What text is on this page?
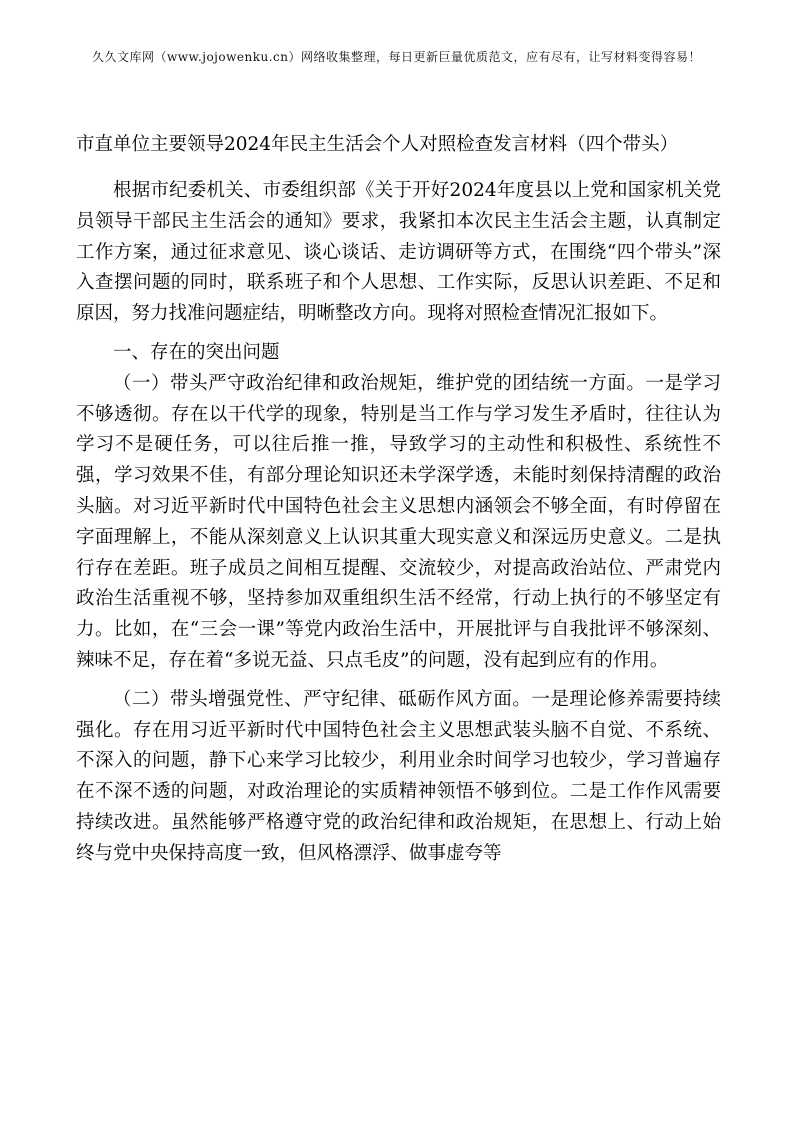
久久文库网（www.jojowenku.cn）网络收集整理，每日更新巨量优质范文，应有尽有，让写材料变得容易！
市直单位主要领导2024年民主生活会个人对照检查发言材料（四个带头）

根据市纪委机关、市委组织部《关于开好2024年度县以上党和国家机关党员领导干部民主生活会的通知》要求，我紧扣本次民主生活会主题，认真制定工作方案，通过征求意见、谈心谈话、走访调研等方式，在围绕“四个带头”深入查摆问题的同时，联系班子和个人思想、工作实际，反思认识差距、不足和原因，努力找准问题症结，明晰整改方向。现将对照检查情况汇报如下。

一、存在的突出问题

（一）带头严守政治纪律和政治规矩，维护党的团结统一方面。一是学习不够透彻。存在以干代学的现象，特别是当工作与学习发生矛盾时，往往认为学习不是硬任务，可以往后推一推，导致学习的主动性和积极性、系统性不强，学习效果不佳，有部分理论知识还未学深学透，未能时刻保持清醒的政治头脑。对习近平新时代中国特色社会主义思想内涵领会不够全面，有时停留在字面理解上，不能从深刻意义上认识其重大现实意义和深远历史意义。二是执行存在差距。班子成员之间相互提醒、交流较少，对提高政治站位、严肃党内政治生活重视不够，坚持参加双重组织生活不经常，行动上执行的不够坚定有力。比如，在“三会一课”等党内政治生活中，开展批评与自我批评不够深刻、辣味不足，存在着“多说无益、只点毛皮”的问题，没有起到应有的作用。

（二）带头增强党性、严守纪律、砥砺作风方面。一是理论修养需要持续强化。存在用习近平新时代中国特色社会主义思想武装头脑不自觉、不系统、不深入的问题，静下心来学习比较少，利用业余时间学习也较少，学习普遍存在不深不透的问题，对政治理论的实质精神领悟不够到位。二是工作作风需要持续改进。虽然能够严格遵守党的政治纪律和政治规矩，在思想上、行动上始终与党中央保持高度一致，但风格漂浮、做事虚夸等
